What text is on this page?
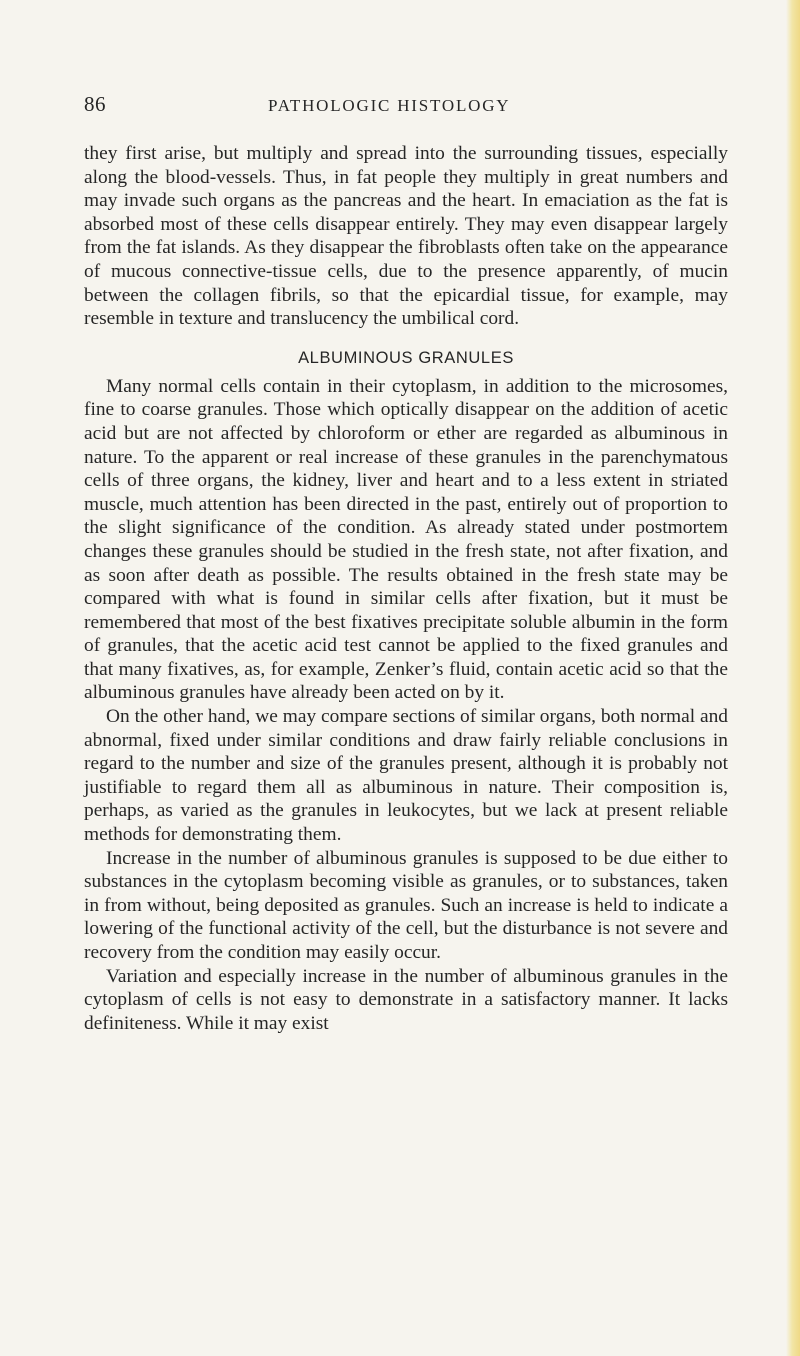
86	PATHOLOGIC HISTOLOGY

they first arise, but multiply and spread into the surrounding tissues, especially along the blood-vessels. Thus, in fat people they multiply in great numbers and may invade such organs as the pancreas and the heart. In emaciation as the fat is absorbed most of these cells disappear entirely. They may even disappear largely from the fat islands. As they disappear the fibroblasts often take on the appearance of mucous connective-tissue cells, due to the presence apparently, of mucin between the collagen fibrils, so that the epicardial tissue, for example, may resemble in texture and translucency the umbilical cord.

ALBUMINOUS GRANULES

Many normal cells contain in their cytoplasm, in addition to the microsomes, fine to coarse granules. Those which optically disappear on the addition of acetic acid but are not affected by chloroform or ether are regarded as albuminous in nature. To the apparent or real increase of these granules in the parenchymatous cells of three organs, the kidney, liver and heart and to a less extent in striated muscle, much attention has been directed in the past, entirely out of proportion to the slight significance of the condition. As already stated under postmortem changes these granules should be studied in the fresh state, not after fixation, and as soon after death as possible. The results obtained in the fresh state may be compared with what is found in similar cells after fixation, but it must be remembered that most of the best fixatives precipitate soluble albumin in the form of granules, that the acetic acid test cannot be applied to the fixed granules and that many fixatives, as, for example, Zenker’s fluid, contain acetic acid so that the albuminous granules have already been acted on by it.

On the other hand, we may compare sections of similar organs, both normal and abnormal, fixed under similar conditions and draw fairly reliable conclusions in regard to the number and size of the granules present, although it is probably not justifiable to regard them all as albuminous in nature. Their composition is, perhaps, as varied as the granules in leukocytes, but we lack at present reliable methods for demonstrating them.

Increase in the number of albuminous granules is supposed to be due either to substances in the cytoplasm becoming visible as granules, or to substances, taken in from without, being deposited as granules. Such an increase is held to indicate a lowering of the functional activity of the cell, but the disturbance is not severe and recovery from the condition may easily occur.

Variation and especially increase in the number of albuminous granules in the cytoplasm of cells is not easy to demonstrate in a satisfactory manner. It lacks definiteness. While it may exist
